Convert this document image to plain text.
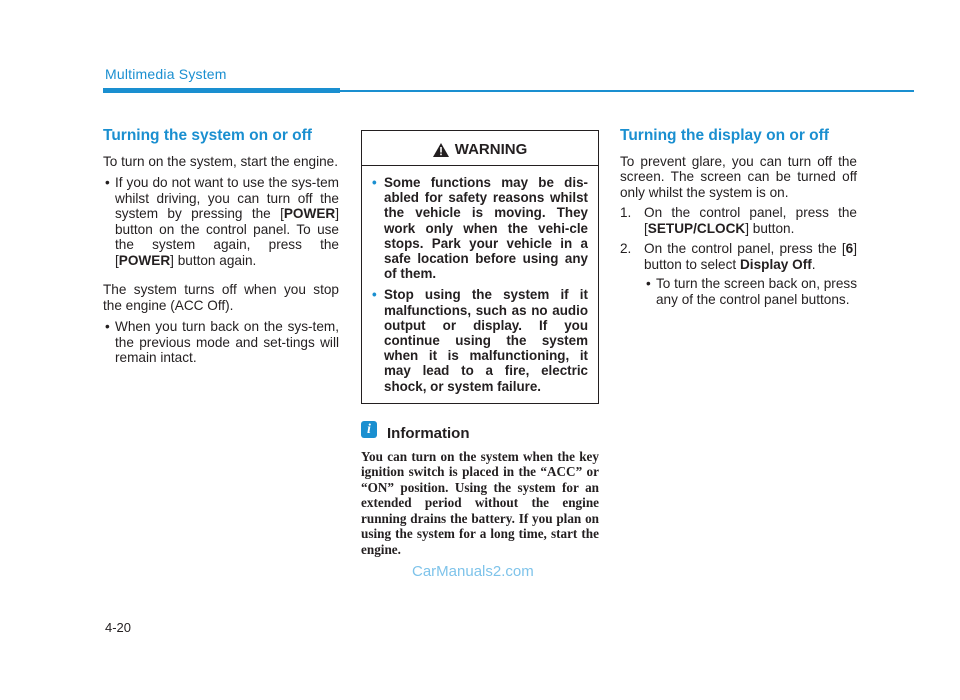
Multimedia System
Turning the system on or off

To turn on the system, start the engine.

• If you do not want to use the sys-tem whilst driving, you can turn off the system by pressing the [POWER] button on the control panel. To use the system again, press the [POWER] button again.

The system turns off when you stop the engine (ACC Off).

• When you turn back on the sys-tem, the previous mode and set-tings will remain intact.
WARNING
• Some functions may be dis-abled for safety reasons whilst the vehicle is moving. They work only when the vehi-cle stops. Park your vehicle in a safe location before using any of them.
• Stop using the system if it malfunctions, such as no audio output or display. If you continue using the system when it is malfunctioning, it may lead to a fire, electric shock, or system failure.
i	Information

You can turn on the system when the key ignition switch is placed in the “ACC” or “ON” position. Using the system for an extended period without the engine running drains the battery. If you plan on using the system for a long time, start the engine.

Turning the display on or off

To prevent glare, you can turn off the screen. The screen can be turned off only whilst the system is on.

1. On the control panel, press the [SETUP/CLOCK] button.
2. On the control panel, press the [6] button to select Display Off.
• To turn the screen back on, press any of the control panel buttons.
CarManuals2.com
4-20
